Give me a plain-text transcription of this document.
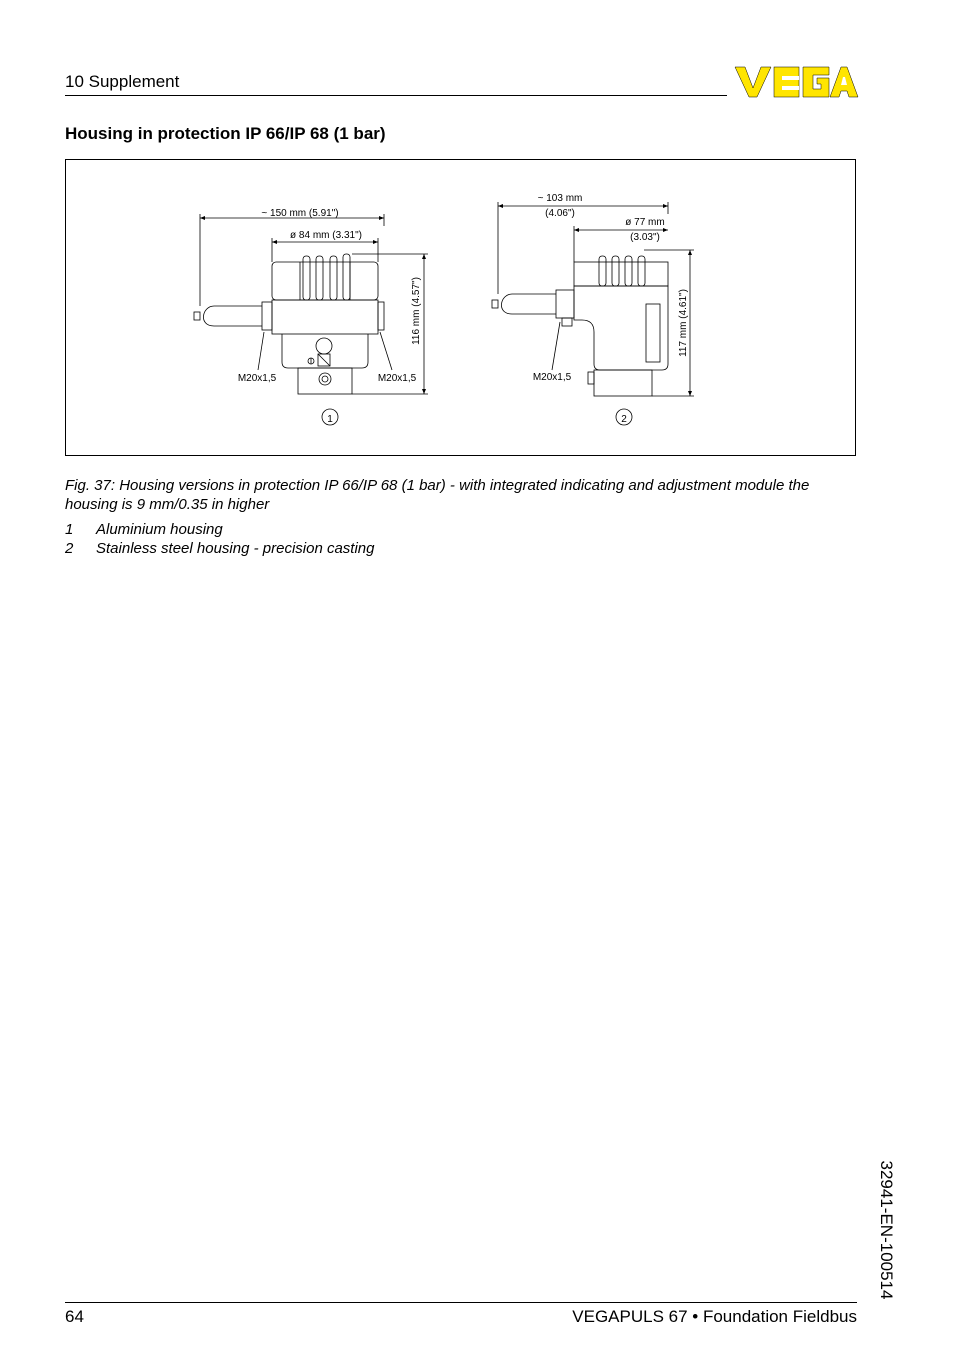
10 Supplement
Housing in protection IP 66/IP 68 (1 bar)
~ 150 mm (5.91")
ø 84 mm (3.31")
116 mm (4.57")
M20x1,5	M20x1,5
1
~ 103 mm
(4.06")
ø 77 mm
(3.03")
117 mm (4.61")
M20x1,5
2
Fig. 37: Housing versions in protection IP 66/IP 68 (1 bar) - with integrated indicating and adjustment module the housing is 9 mm/0.35 in higher
1 Aluminium housing
2 Stainless steel housing - precision casting
32941-EN-100514
64	VEGAPULS 67 • Foundation Fieldbus
